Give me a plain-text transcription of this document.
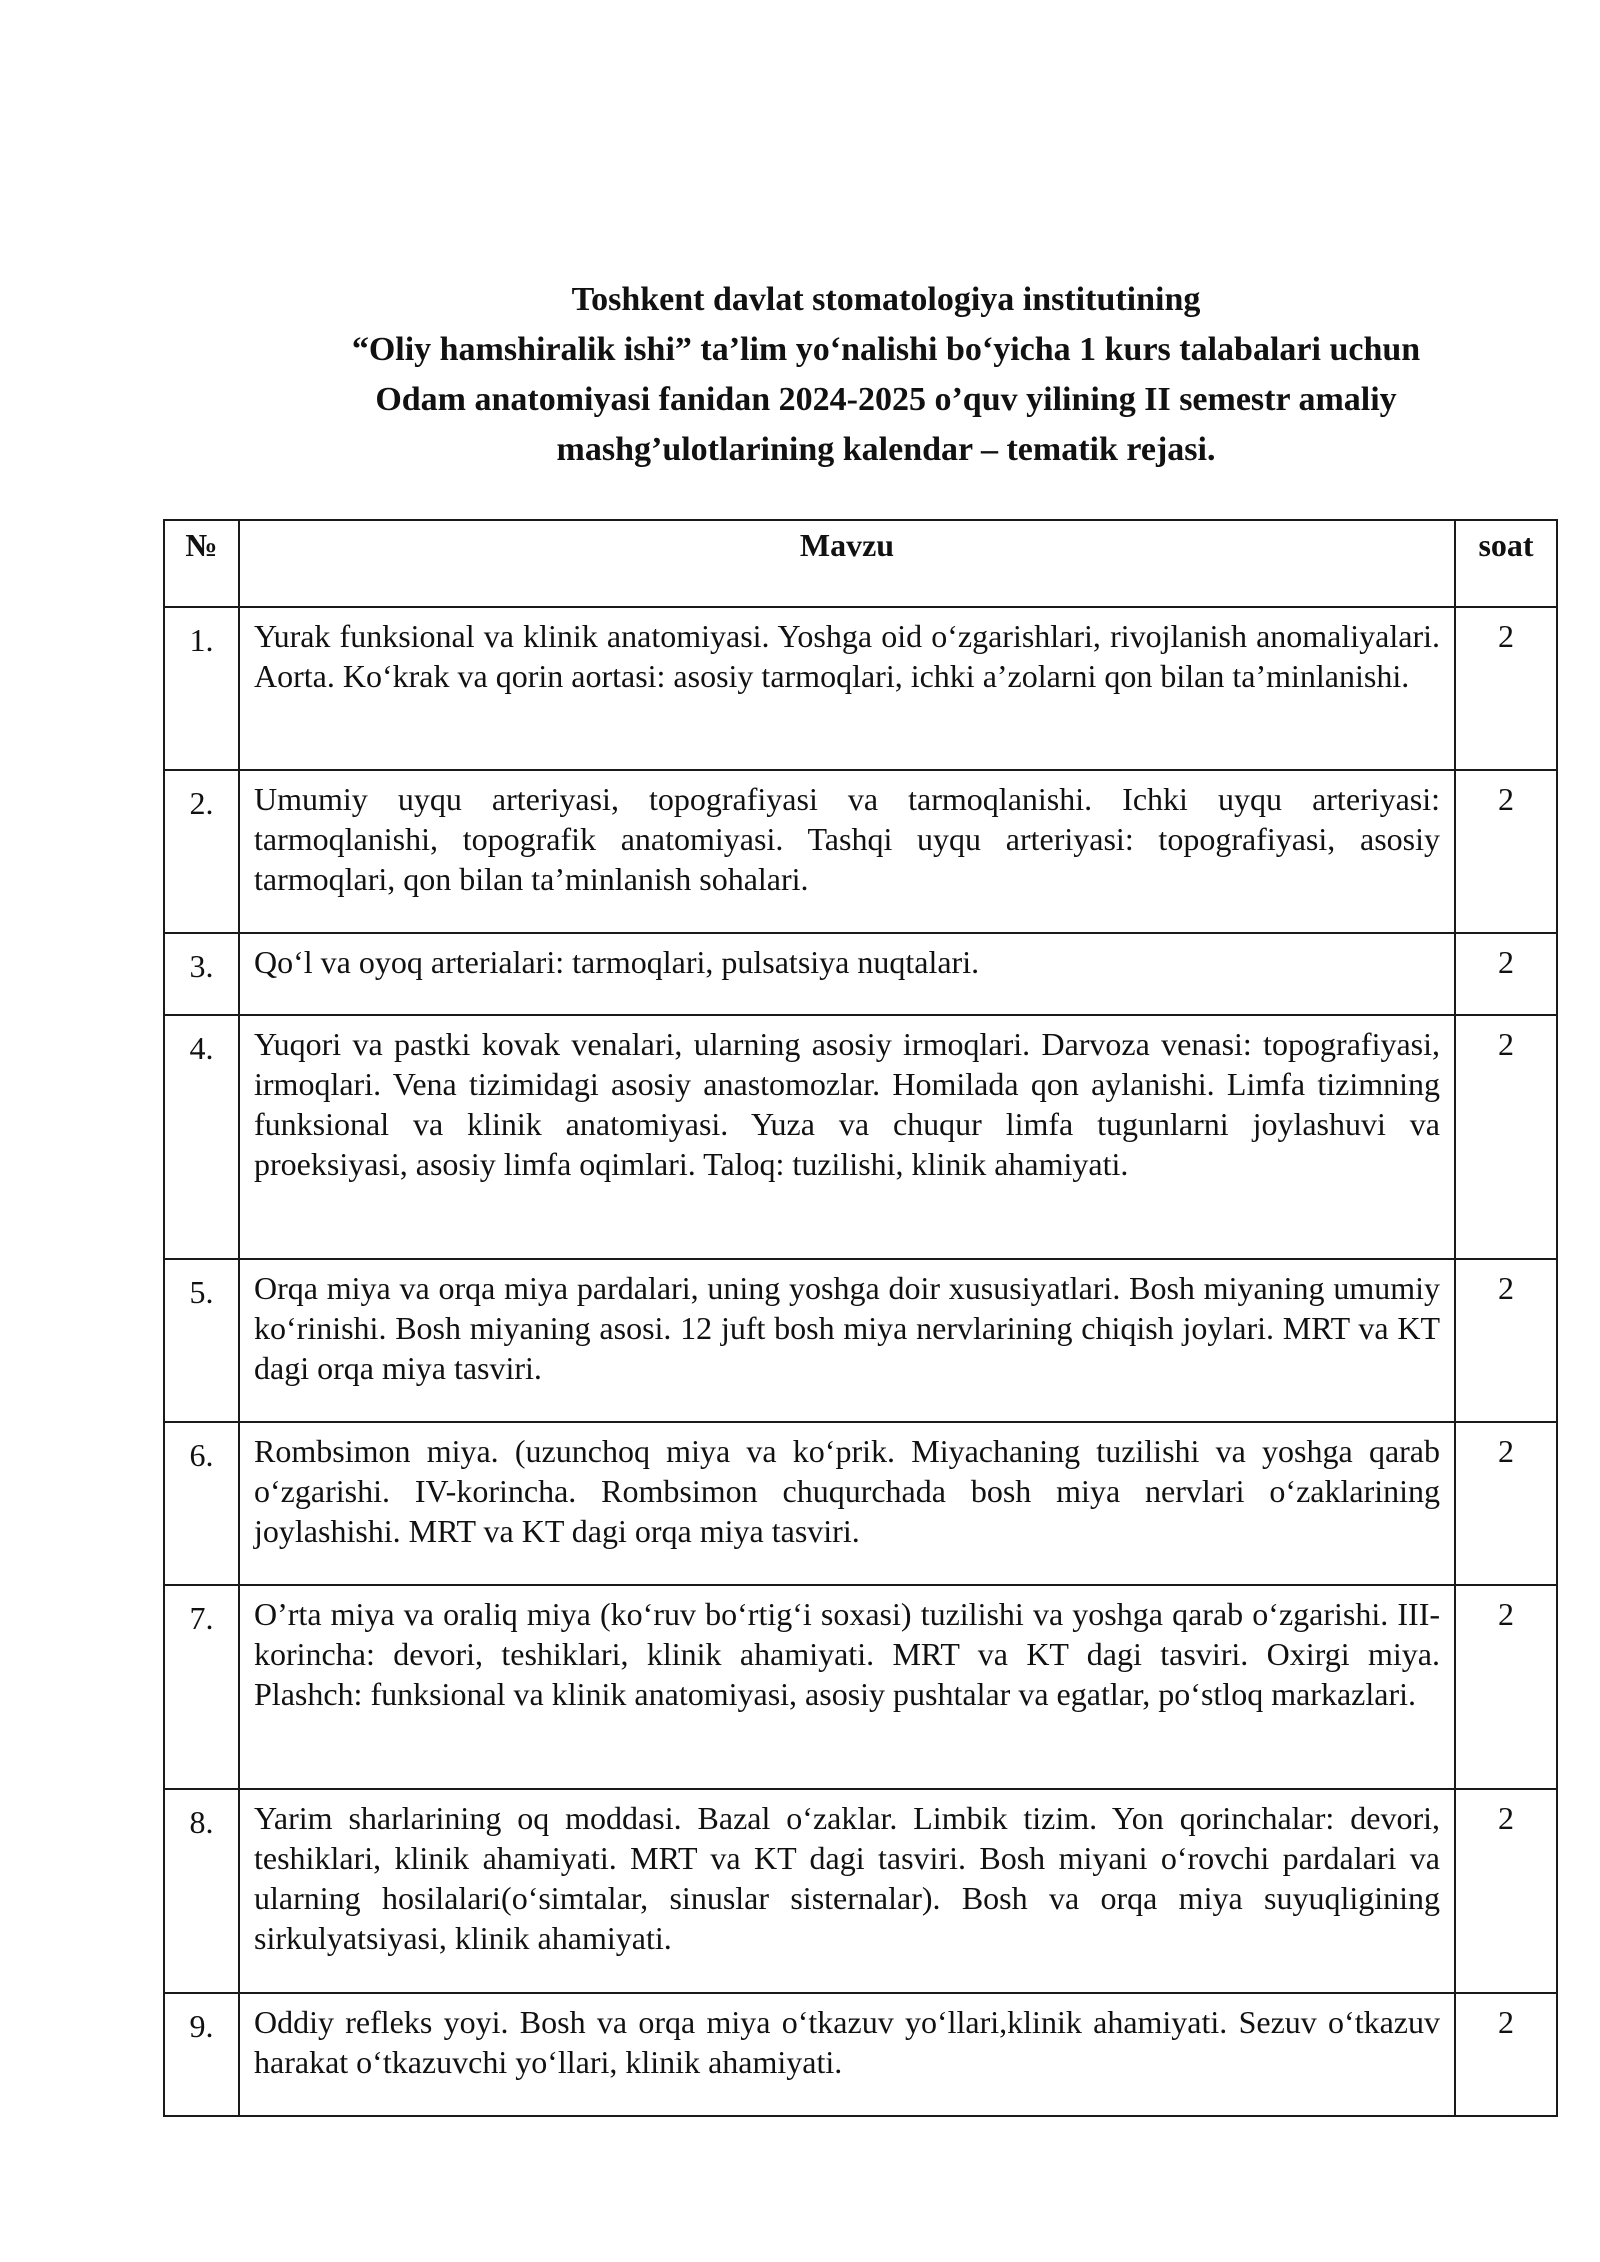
Toshkent davlat stomatologiya institutining
“Oliy hamshiralik ishi” ta’lim yo‘nalishi bo‘yicha 1 kurs talabalari uchun
Odam anatomiyasi fanidan 2024-2025 o’quv yilining II semestr amaliy
mashg’ulotlarining kalendar – tematik rejasi.
№	Mavzu	soat
1.	Yurak funksional va klinik anatomiyasi. Yoshga oid o‘zgarishlari, rivojlanish anomaliyalari. Aorta. Ko‘krak va qorin aortasi: asosiy tarmoqlari, ichki a’zolarni qon bilan ta’minlanishi.	2
2.	Umumiy uyqu arteriyasi, topografiyasi va tarmoqlanishi. Ichki uyqu arteriyasi: tarmoqlanishi, topografik anatomiyasi. Tashqi uyqu arteriyasi: topografiyasi, asosiy tarmoqlari, qon bilan ta’minlanish sohalari.	2
3.	Qo‘l va oyoq arterialari: tarmoqlari, pulsatsiya nuqtalari.	2
4.	Yuqori va pastki kovak venalari, ularning asosiy irmoqlari. Darvoza venasi: topografiyasi, irmoqlari. Vena tizimidagi asosiy anastomozlar. Homilada qon aylanishi. Limfa tizimning funksional va klinik anatomiyasi. Yuza va chuqur limfa tugunlarni joylashuvi va proeksiyasi, asosiy limfa oqimlari. Taloq: tuzilishi, klinik ahamiyati.	2
5.	Orqa miya va orqa miya pardalari, uning yoshga doir xususiyatlari. Bosh miyaning umumiy ko‘rinishi. Bosh miyaning asosi. 12 juft bosh miya nervlarining chiqish joylari. MRT va KT dagi orqa miya tasviri.	2
6.	Rombsimon miya. (uzunchoq miya va ko‘prik. Miyachaning tuzilishi va yoshga qarab o‘zgarishi. IV-korincha. Rombsimon chuqurchada bosh miya nervlari o‘zaklarining joylashishi. MRT va KT dagi orqa miya tasviri.	2
7.	O’rta miya va oraliq miya (ko‘ruv bo‘rtig‘i soxasi) tuzilishi va yoshga qarab o‘zgarishi. III-korincha: devori, teshiklari, klinik ahamiyati. MRT va KT dagi tasviri. Oxirgi miya. Plashch: funksional va klinik anatomiyasi, asosiy pushtalar va egatlar, po‘stloq markazlari.	2
8.	Yarim sharlarining oq moddasi. Bazal o‘zaklar. Limbik tizim. Yon qorinchalar: devori, teshiklari, klinik ahamiyati. MRT va KT dagi tasviri. Bosh miyani o‘rovchi pardalari va ularning hosilalari(o‘simtalar, sinuslar sisternalar). Bosh va orqa miya suyuqligining sirkulyatsiyasi, klinik ahamiyati.	2
9.	Oddiy refleks yoyi. Bosh va orqa miya o‘tkazuv yo‘llari,klinik ahamiyati. Sezuv o‘tkazuv harakat o‘tkazuvchi yo‘llari, klinik ahamiyati.	2
